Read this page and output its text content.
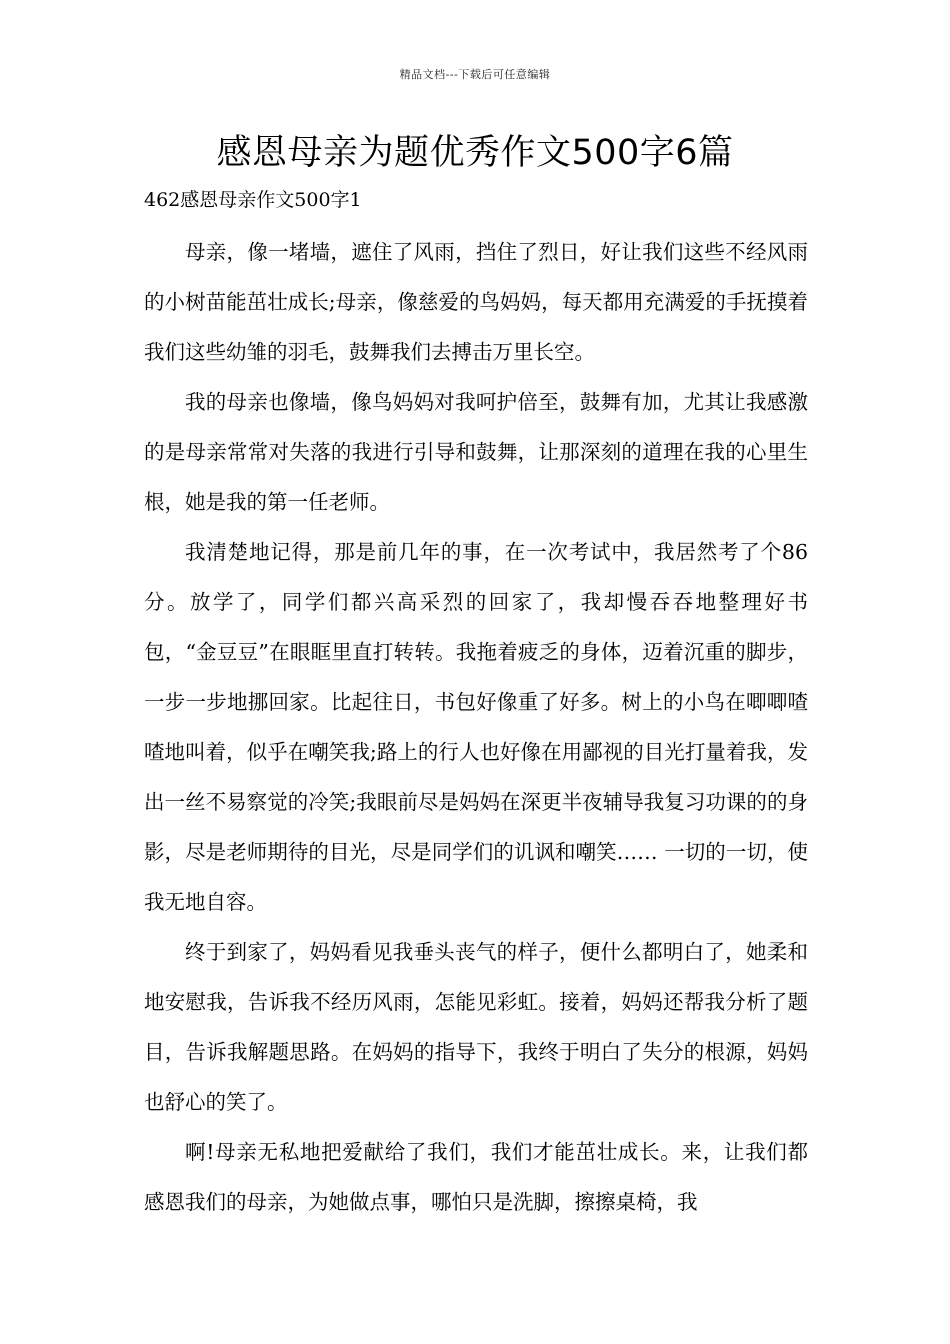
精品文档---下载后可任意编辑
感恩母亲为题优秀作文500字6篇

462感恩母亲作文500字1

母亲，像一堵墙，遮住了风雨，挡住了烈日，好让我们这些不经风雨的小树苗能茁壮成长;母亲，像慈爱的鸟妈妈，每天都用充满爱的手抚摸着我们这些幼雏的羽毛，鼓舞我们去搏击万里长空。

我的母亲也像墙，像鸟妈妈对我呵护倍至，鼓舞有加，尤其让我感激的是母亲常常对失落的我进行引导和鼓舞，让那深刻的道理在我的心里生根，她是我的第一任老师。

我清楚地记得，那是前几年的事，在一次考试中，我居然考了个86分。放学了，同学们都兴高采烈的回家了，我却慢吞吞地整理好书包，“金豆豆”在眼眶里直打转转。我拖着疲乏的身体，迈着沉重的脚步，一步一步地挪回家。比起往日，书包好像重了好多。树上的小鸟在唧唧喳喳地叫着，似乎在嘲笑我;路上的行人也好像在用鄙视的目光打量着我，发出一丝不易察觉的冷笑;我眼前尽是妈妈在深更半夜辅导我复习功课的的身影，尽是老师期待的目光，尽是同学们的讥讽和嘲笑…… 一切的一切，使我无地自容。

终于到家了，妈妈看见我垂头丧气的样子，便什么都明白了，她柔和地安慰我，告诉我不经历风雨，怎能见彩虹。接着，妈妈还帮我分析了题目，告诉我解题思路。在妈妈的指导下，我终于明白了失分的根源，妈妈也舒心的笑了。

啊!母亲无私地把爱献给了我们，我们才能茁壮成长。来，让我们都感恩我们的母亲，为她做点事，哪怕只是洗脚，擦擦桌椅，我
